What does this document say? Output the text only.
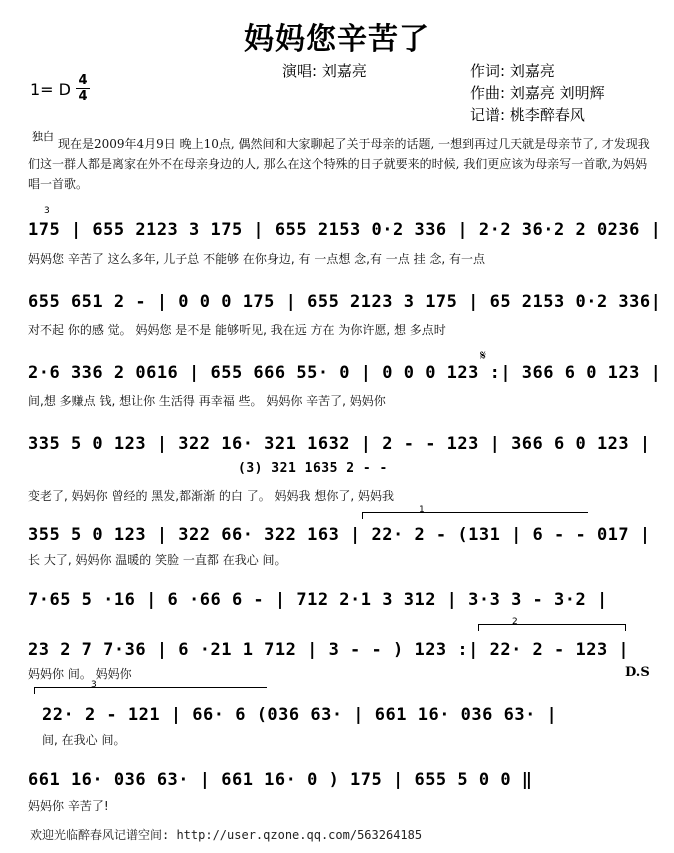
妈妈您辛苦了
演唱: 刘嘉亮	作词: 刘嘉亮
作曲: 刘嘉亮 刘明辉
记谱: 桃李醉春风
1= D 4
4
独白
现在是2009年4月9日 晚上10点, 偶然间和大家聊起了关于母亲的话题, 一想到再过几天就是母亲节了, 才发现我们这一群人都是离家在外不在母亲身边的人, 那么在这个特殊的日子就要来的时候, 我们更应该为母亲写一首歌,为妈妈唱一首歌。
3
175 | 655 2123 3 175 | 655 2153 0·2 336 | 2·2 36·2 2 0236 |
妈妈您 辛苦了 这么多年, 儿子总 不能够 在你身边, 有 一点想 念,有 一点 挂 念, 有一点
655 651 2 - | 0 0 0 175 | 655 2123 3 175 | 65 2153 0·2 336|
对不起 你的感 觉。 妈妈您 是不是 能够听见, 我在远 方在 为你许愿, 想 多点时
𝄋
2·6 336 2 0616 | 655 666 55· 0 | 0 0 0 123 :| 366 6 0 123 |
间,想 多赚点 钱, 想让你 生活得 再幸福 些。 妈妈你 辛苦了, 妈妈你
335 5 0 123 | 322 16· 321 1632 | 2 - - 123 | 366 6 0 123 |
(3) 321 1635 2 - -
变老了, 妈妈你 曾经的 黑发,都渐渐 的白 了。 妈妈我 想你了, 妈妈我
1
355 5 0 123 | 322 66· 322 163 | 22· 2 - (131 | 6 - - 017 |
长 大了, 妈妈你 温暖的 笑脸 一直都 在我心 间。
7·65 5 ·16 | 6 ·66 6 - | 712 2·1 3 312 | 3·3 3 - 3·2 |
2
23 2 7 7·36 | 6 ·21 1 712 | 3 - - ) 123 :| 22· 2 - 123 |
妈妈你 间。 妈妈你	D.S
3
22· 2 - 121 | 66· 6 (036 63· | 661 16· 036 63· |
间, 在我心 间。
661 16· 036 63· | 661 16· 0 ) 175 | 655 5 0 0 ‖
妈妈你 辛苦了!
欢迎光临醉春风记谱空间: http://user.qzone.qq.com/563264185
